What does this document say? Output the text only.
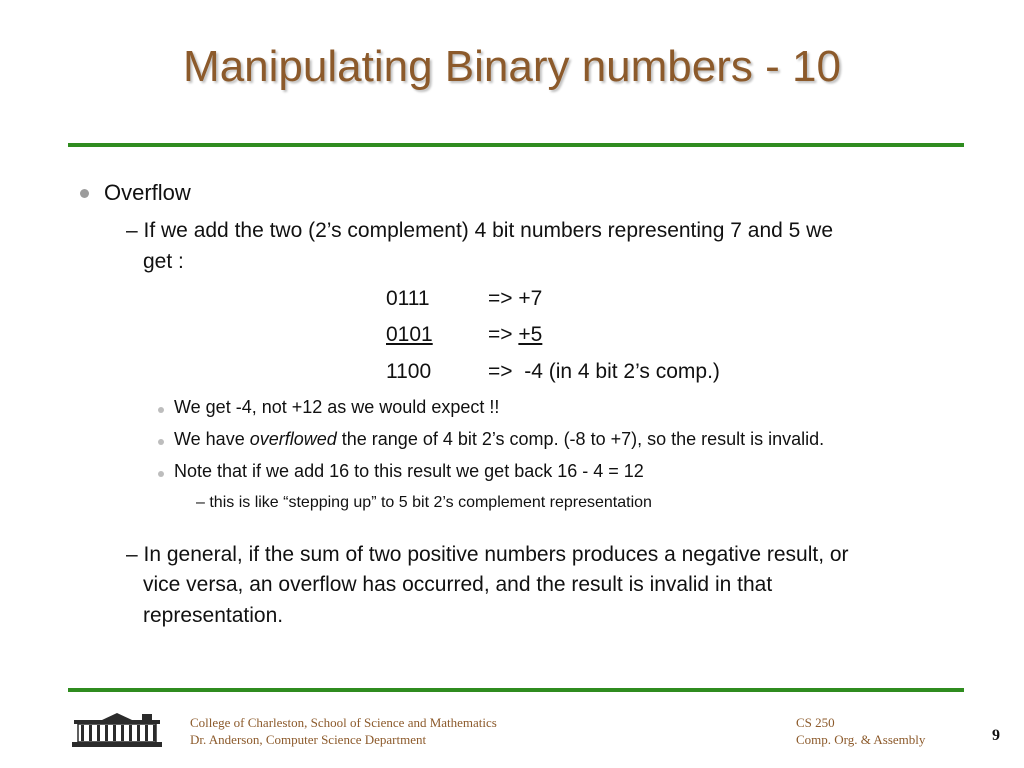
Manipulating Binary numbers - 10
Overflow
– If we add the two (2’s complement) 4 bit numbers representing 7 and 5 we
get :
0111	=> +7
0101	=> +5
1100	=>  -4 (in 4 bit 2’s comp.)
We get -4, not +12 as we would expect !!
We have overflowed the range of 4 bit 2’s comp. (-8 to +7), so the result is invalid.
Note that if we add 16 to this result we get back 16 - 4 = 12
– this is like “stepping up” to 5 bit 2’s complement representation
– In general, if the sum of two positive numbers produces a negative result, or
vice versa, an overflow has occurred, and the result is invalid in that
representation.
College of Charleston, School of Science and Mathematics
Dr. Anderson, Computer Science Department
CS 250
Comp. Org. & Assembly	9
